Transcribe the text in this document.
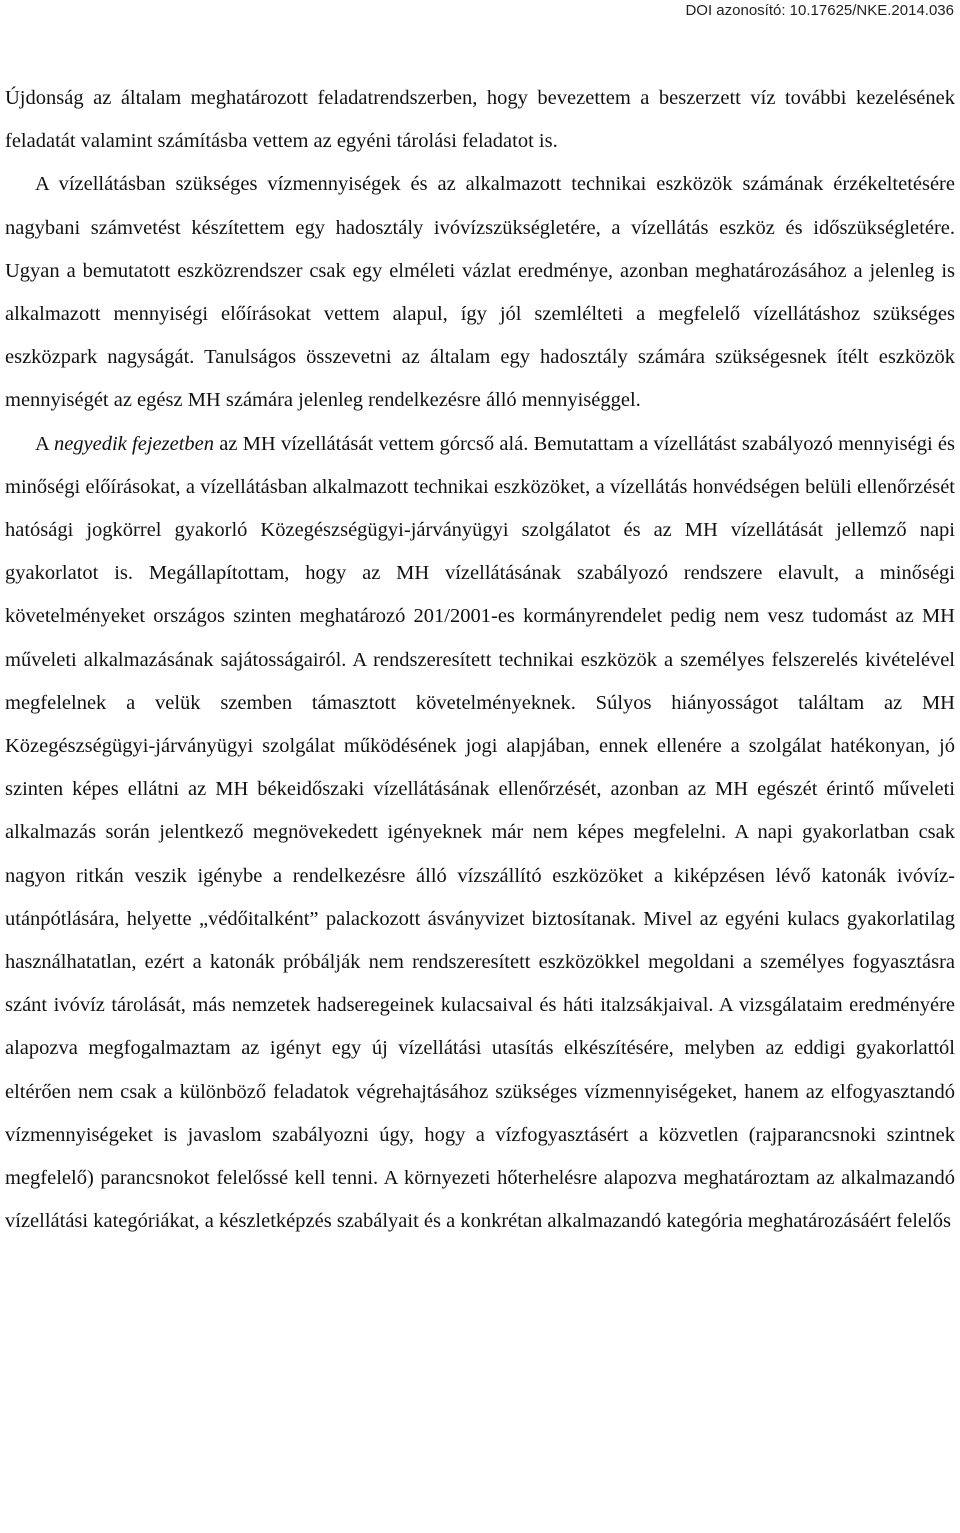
DOI azonosító: 10.17625/NKE.2014.036

Újdonság az általam meghatározott feladatrendszerben, hogy bevezettem a beszerzett víz további kezelésének feladatát valamint számításba vettem az egyéni tárolási feladatot is.

A vízellátásban szükséges vízmennyiségek és az alkalmazott technikai eszközök számának érzékeltetésére nagybani számvetést készítettem egy hadosztály ivóvízszükségletére, a vízellátás eszköz és időszükségletére. Ugyan a bemutatott eszközrendszer csak egy elméleti vázlat eredménye, azonban meghatározásához a jelenleg is alkalmazott mennyiségi előírásokat vettem alapul, így jól szemlélteti a megfelelő vízellátáshoz szükséges eszközpark nagyságát. Tanulságos összevetni az általam egy hadosztály számára szükségesnek ítélt eszközök mennyiségét az egész MH számára jelenleg rendelkezésre álló mennyiséggel.

A negyedik fejezetben az MH vízellátását vettem górcső alá. Bemutattam a vízellátást szabályozó mennyiségi és minőségi előírásokat, a vízellátásban alkalmazott technikai eszközöket, a vízellátás honvédségen belüli ellenőrzését hatósági jogkörrel gyakorló Közegészségügyi-járványügyi szolgálatot és az MH vízellátását jellemző napi gyakorlatot is. Megállapítottam, hogy az MH vízellátásának szabályozó rendszere elavult, a minőségi követelményeket országos szinten meghatározó 201/2001-es kormányrendelet pedig nem vesz tudomást az MH műveleti alkalmazásának sajátosságairól. A rendszeresített technikai eszközök a személyes felszerelés kivételével megfelelnek a velük szemben támasztott követelményeknek. Súlyos hiányosságot találtam az MH Közegészségügyi-járványügyi szolgálat működésének jogi alapjában, ennek ellenére a szolgálat hatékonyan, jó szinten képes ellátni az MH békeidőszaki vízellátásának ellenőrzését, azonban az MH egészét érintő műveleti alkalmazás során jelentkező megnövekedett igényeknek már nem képes megfelelni. A napi gyakorlatban csak nagyon ritkán veszik igénybe a rendelkezésre álló vízszállító eszközöket a kiképzésen lévő katonák ivóvíz-utánpótlására, helyette „védőitalként” palackozott ásványvizet biztosítanak. Mivel az egyéni kulacs gyakorlatilag használhatatlan, ezért a katonák próbálják nem rendszeresített eszközökkel megoldani a személyes fogyasztásra szánt ivóvíz tárolását, más nemzetek hadseregeinek kulacsaival és háti italzsákjaival. A vizsgálataim eredményére alapozva megfogalmaztam az igényt egy új vízellátási utasítás elkészítésére, melyben az eddigi gyakorlattól eltérően nem csak a különböző feladatok végrehajtásához szükséges vízmennyiségeket, hanem az elfogyasztandó vízmennyiségeket is javaslom szabályozni úgy, hogy a vízfogyasztásért a közvetlen (rajparancsnoki szintnek megfelelő) parancsnokot felelőssé kell tenni. A környezeti hőterhelésre alapozva meghatároztam az alkalmazandó vízellátási kategóriákat, a készletképzés szabályait és a konkrétan alkalmazandó kategória meghatározásáért felelős
